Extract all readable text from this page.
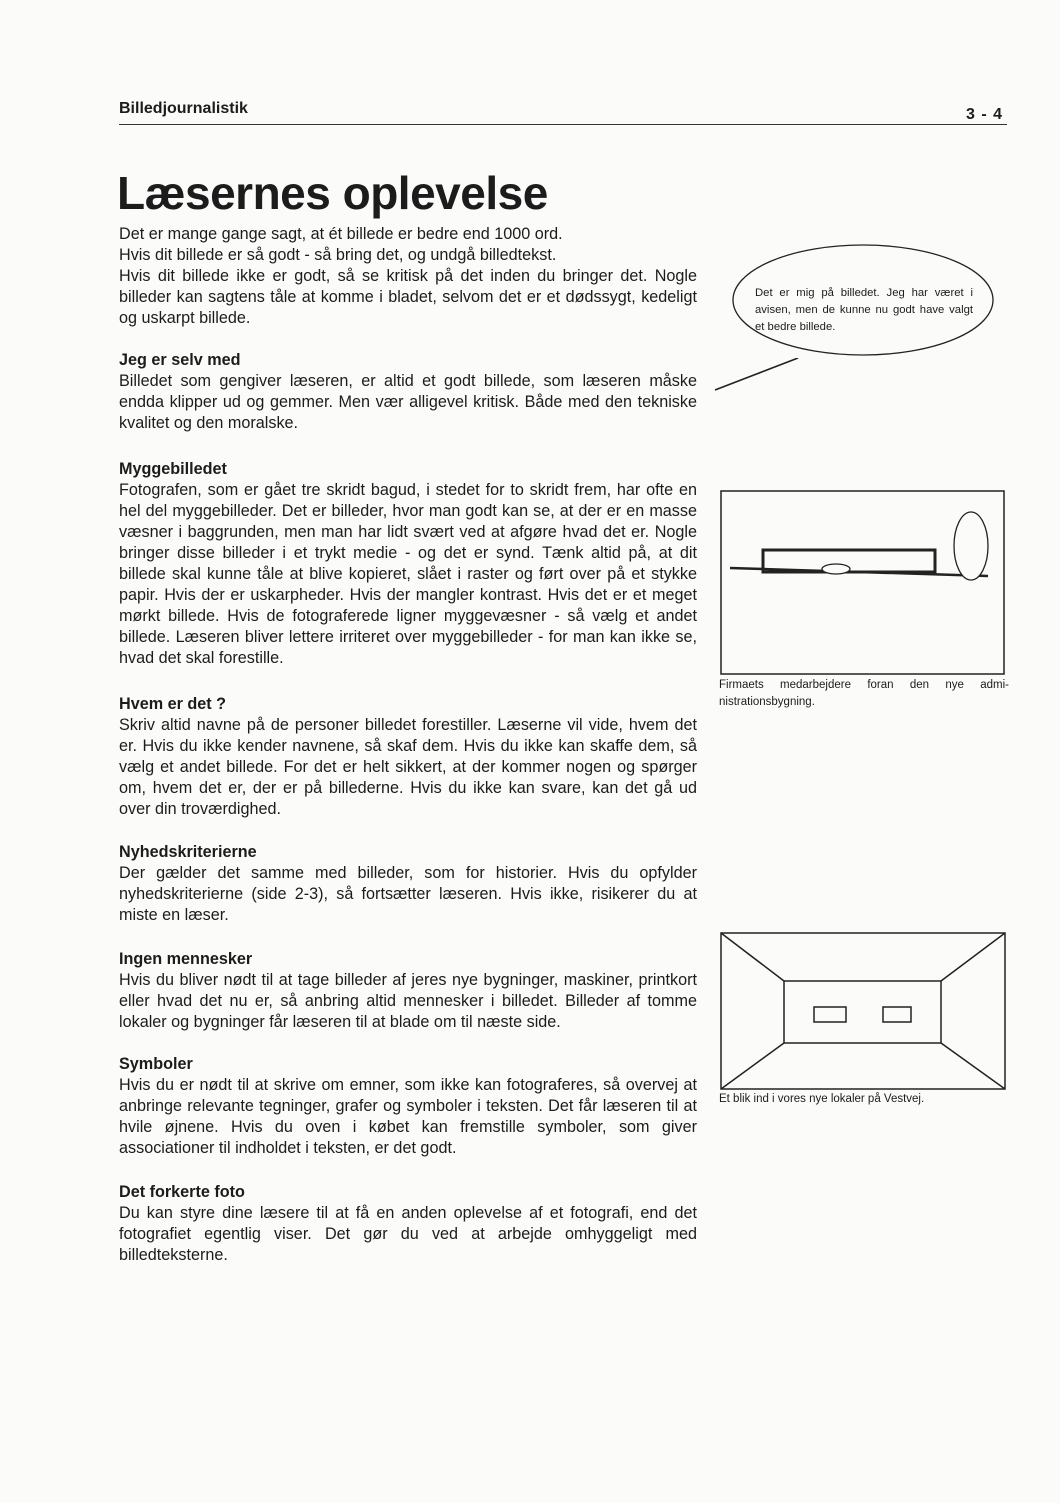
Billedjournalistik	3 - 4
Læsernes oplevelse

Det er mange gange sagt, at ét billede er bedre end 1000 ord.

Hvis dit billede er så godt - så bring det, og undgå billedtekst.

Hvis dit billede ikke er godt, så se kritisk på det inden du bringer det. Nogle billeder kan sagtens tåle at komme i bladet, selvom det er et dødssygt, kedeligt og uskarpt billede.

Jeg er selv med

Billedet som gengiver læseren, er altid et godt billede, som læseren måske endda klipper ud og gemmer. Men vær alligevel kritisk. Både med den tekniske kvalitet og den moralske.

Myggebilledet

Fotografen, som er gået tre skridt bagud, i stedet for to skridt frem, har ofte en hel del myggebilleder. Det er billeder, hvor man godt kan se, at der er en masse væsner i baggrunden, men man har lidt svært ved at afgøre hvad det er. Nogle bringer disse billeder i et trykt medie - og det er synd. Tænk altid på, at dit billede skal kunne tåle at blive kopieret, slået i raster og ført over på et stykke papir. Hvis der er uskarpheder. Hvis der mangler kontrast. Hvis det er et meget mørkt billede. Hvis de fotograferede ligner myggevæsner - så vælg et andet billede. Læseren bliver lettere irriteret over myggebilleder - for man kan ikke se, hvad det skal forestille.

Hvem er det ?

Skriv altid navne på de personer billedet forestiller. Læserne vil vide, hvem det er. Hvis du ikke kender navnene, så skaf dem. Hvis du ikke kan skaffe dem, så vælg et andet billede. For det er helt sikkert, at der kommer nogen og spørger om, hvem det er, der er på billederne. Hvis du ikke kan svare, kan det gå ud over din troværdighed.

Nyhedskriterierne

Der gælder det samme med billeder, som for historier. Hvis du opfylder nyhedskriterierne (side 2-3), så fortsætter læseren. Hvis ikke, risikerer du at miste en læser.

Ingen mennesker

Hvis du bliver nødt til at tage billeder af jeres nye bygninger, maskiner, printkort eller hvad det nu er, så anbring altid mennesker i billedet. Billeder af tomme lokaler og bygninger får læseren til at blade om til næste side.

Symboler

Hvis du er nødt til at skrive om emner, som ikke kan fotograferes, så overvej at anbringe relevante tegninger, grafer og symboler i teksten. Det får læseren til at hvile øjnene. Hvis du oven i købet kan fremstille symboler, som giver associationer til indholdet i teksten, er det godt.

Det forkerte foto

Du kan styre dine læsere til at få en anden oplevelse af et fotografi, end det fotografiet egentlig viser. Det gør du ved at arbejde omhyggeligt med billedteksterne.

Det er mig på billedet. Jeg har været i avisen, men de kunne nu godt have valgt et bedre billede.
Firmaets medarbejdere foran den nye administrationsbygning.
Et blik ind i vores nye lokaler på Vestvej.
